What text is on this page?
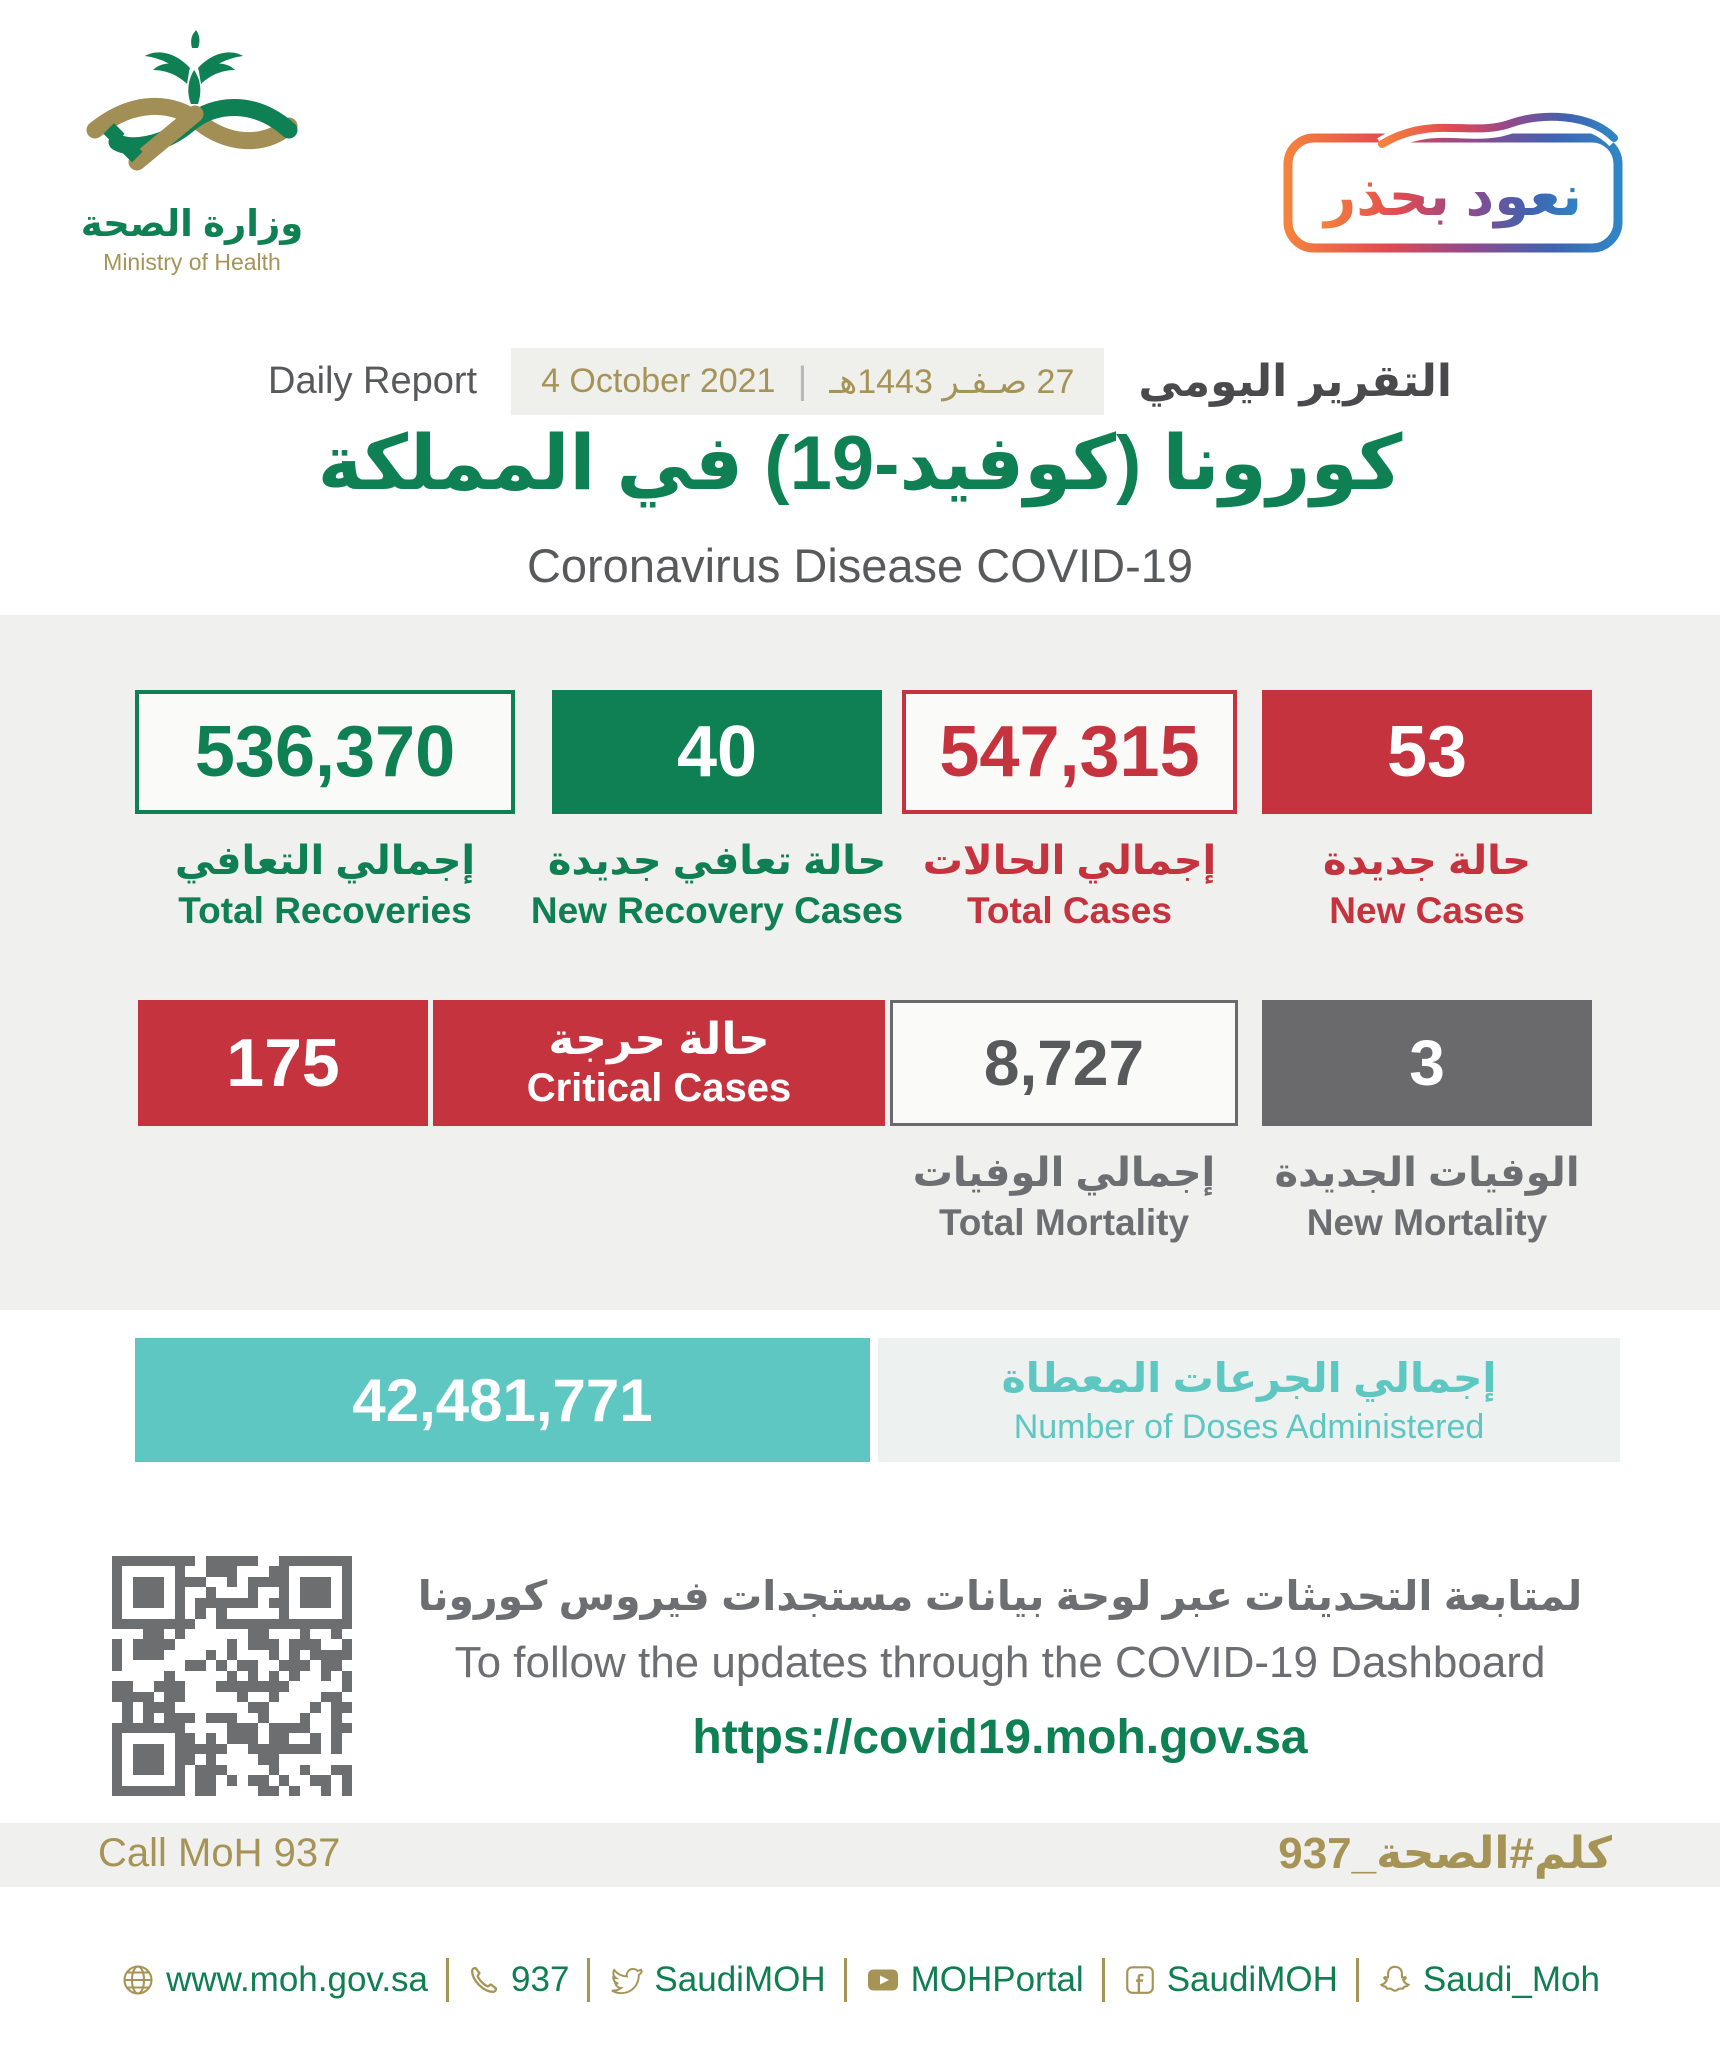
وزارة الصحة
Ministry of Health
نعود بحذر
Daily Report 4 October 2021 | 27 صـفـر 1443هـ التقرير اليومي
كورونا (كوفيد-19) في المملكة
Coronavirus Disease COVID-19
536,370
إجمالي التعافي
Total Recoveries
40
حالة تعافي جديدة
New Recovery Cases
547,315
إجمالي الحالات
Total Cases
53
حالة جديدة
New Cases
175	حالة حرجة
Critical Cases	8,727
إجمالي الوفيات
Total Mortality
3
الوفيات الجديدة
New Mortality
42,481,771	إجمالي الجرعات المعطاة
Number of Doses Administered
لمتابعة التحديثات عبر لوحة بيانات مستجدات فيروس كورونا
To follow the updates through the COVID-19 Dashboard
https://covid19.moh.gov.sa
Call MoH 937	كلم#الصحة_937
www.moh.gov.sa 937 SaudiMOH MOHPortal SaudiMOH Saudi_Moh
